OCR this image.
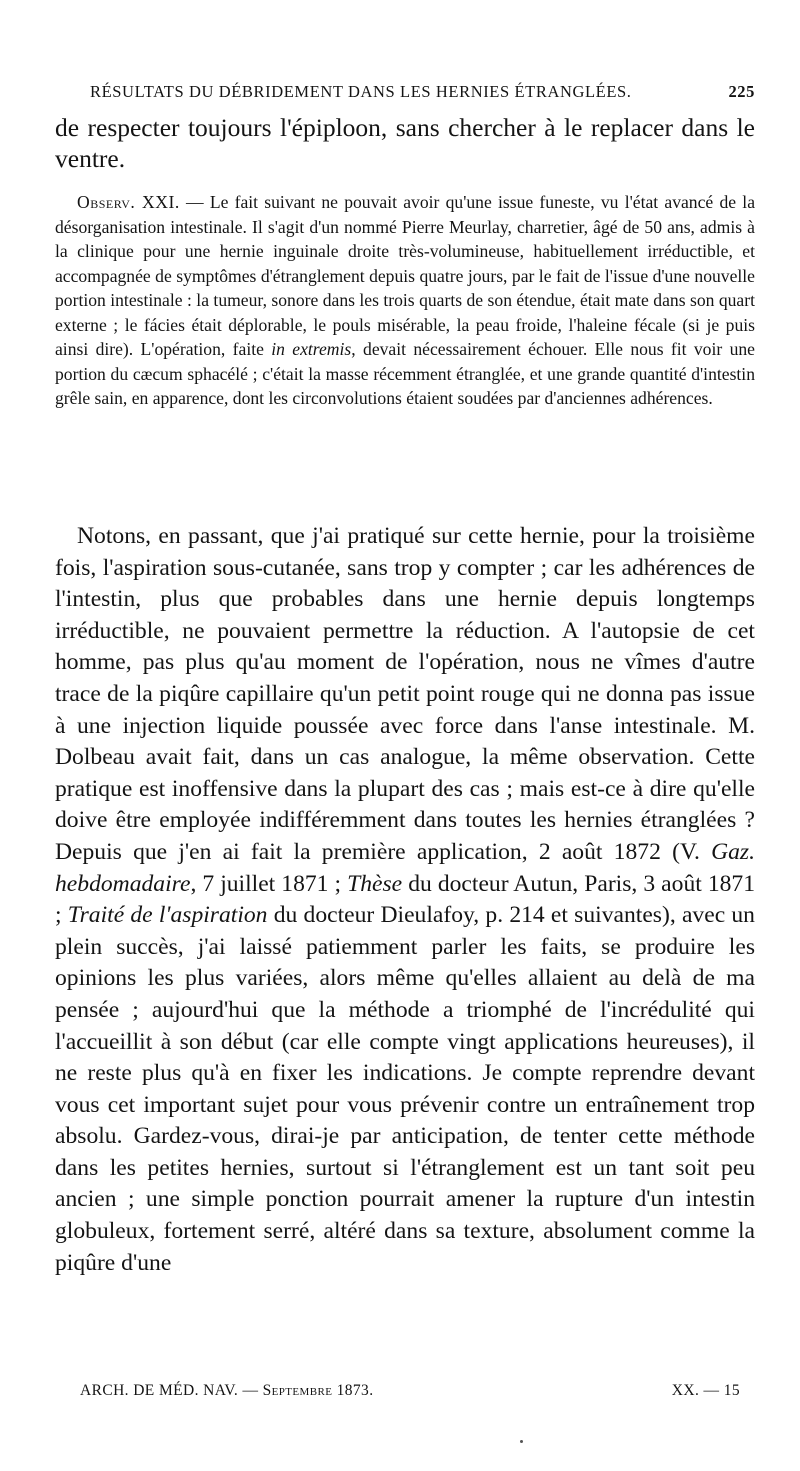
RÉSULTATS DU DÉBRIDEMENT DANS LES HERNIES ÉTRANGLÉES.	225

de respecter toujours l'épiploon, sans chercher à le replacer dans le ventre.

Observ. XXI. — Le fait suivant ne pouvait avoir qu'une issue funeste, vu l'état avancé de la désorganisation intestinale. Il s'agit d'un nommé Pierre Meurlay, charretier, âgé de 50 ans, admis à la clinique pour une hernie inguinale droite très-volumineuse, habituellement irréductible, et accompagnée de symptômes d'étranglement depuis quatre jours, par le fait de l'issue d'une nouvelle portion intestinale : la tumeur, sonore dans les trois quarts de son étendue, était mate dans son quart externe ; le fácies était déplorable, le pouls misérable, la peau froide, l'haleine fécale (si je puis ainsi dire). L'opération, faite in extremis, devait nécessairement échouer. Elle nous fit voir une portion du cæcum sphacélé ; c'était la masse récemment étranglée, et une grande quantité d'intestin grêle sain, en apparence, dont les circonvolutions étaient soudées par d'anciennes adhérences.

Notons, en passant, que j'ai pratiqué sur cette hernie, pour la troisième fois, l'aspiration sous-cutanée, sans trop y compter ; car les adhérences de l'intestin, plus que probables dans une hernie depuis longtemps irréductible, ne pouvaient permettre la réduction. A l'autopsie de cet homme, pas plus qu'au moment de l'opération, nous ne vîmes d'autre trace de la piqûre capillaire qu'un petit point rouge qui ne donna pas issue à une injection liquide poussée avec force dans l'anse intestinale. M. Dolbeau avait fait, dans un cas analogue, la même observation. Cette pratique est inoffensive dans la plupart des cas ; mais est-ce à dire qu'elle doive être employée indifféremment dans toutes les hernies étranglées ? Depuis que j'en ai fait la première application, 2 août 1872 (V. Gaz. hebdomadaire, 7 juillet 1871 ; Thèse du docteur Autun, Paris, 3 août 1871 ; Traité de l'aspiration du docteur Dieulafoy, p. 214 et suivantes), avec un plein succès, j'ai laissé patiemment parler les faits, se produire les opinions les plus variées, alors même qu'elles allaient au delà de ma pensée ; aujourd'hui que la méthode a triomphé de l'incrédulité qui l'accueillit à son début (car elle compte vingt applications heureuses), il ne reste plus qu'à en fixer les indications. Je compte reprendre devant vous cet important sujet pour vous prévenir contre un entraînement trop absolu. Gardez-vous, dirai-je par anticipation, de tenter cette méthode dans les petites hernies, surtout si l'étranglement est un tant soit peu ancien ; une simple ponction pourrait amener la rupture d'un intestin globuleux, fortement serré, altéré dans sa texture, absolument comme la piqûre d'une

ARCH. DE MÉD. NAV. — Septembre 1873.	XX. — 15
